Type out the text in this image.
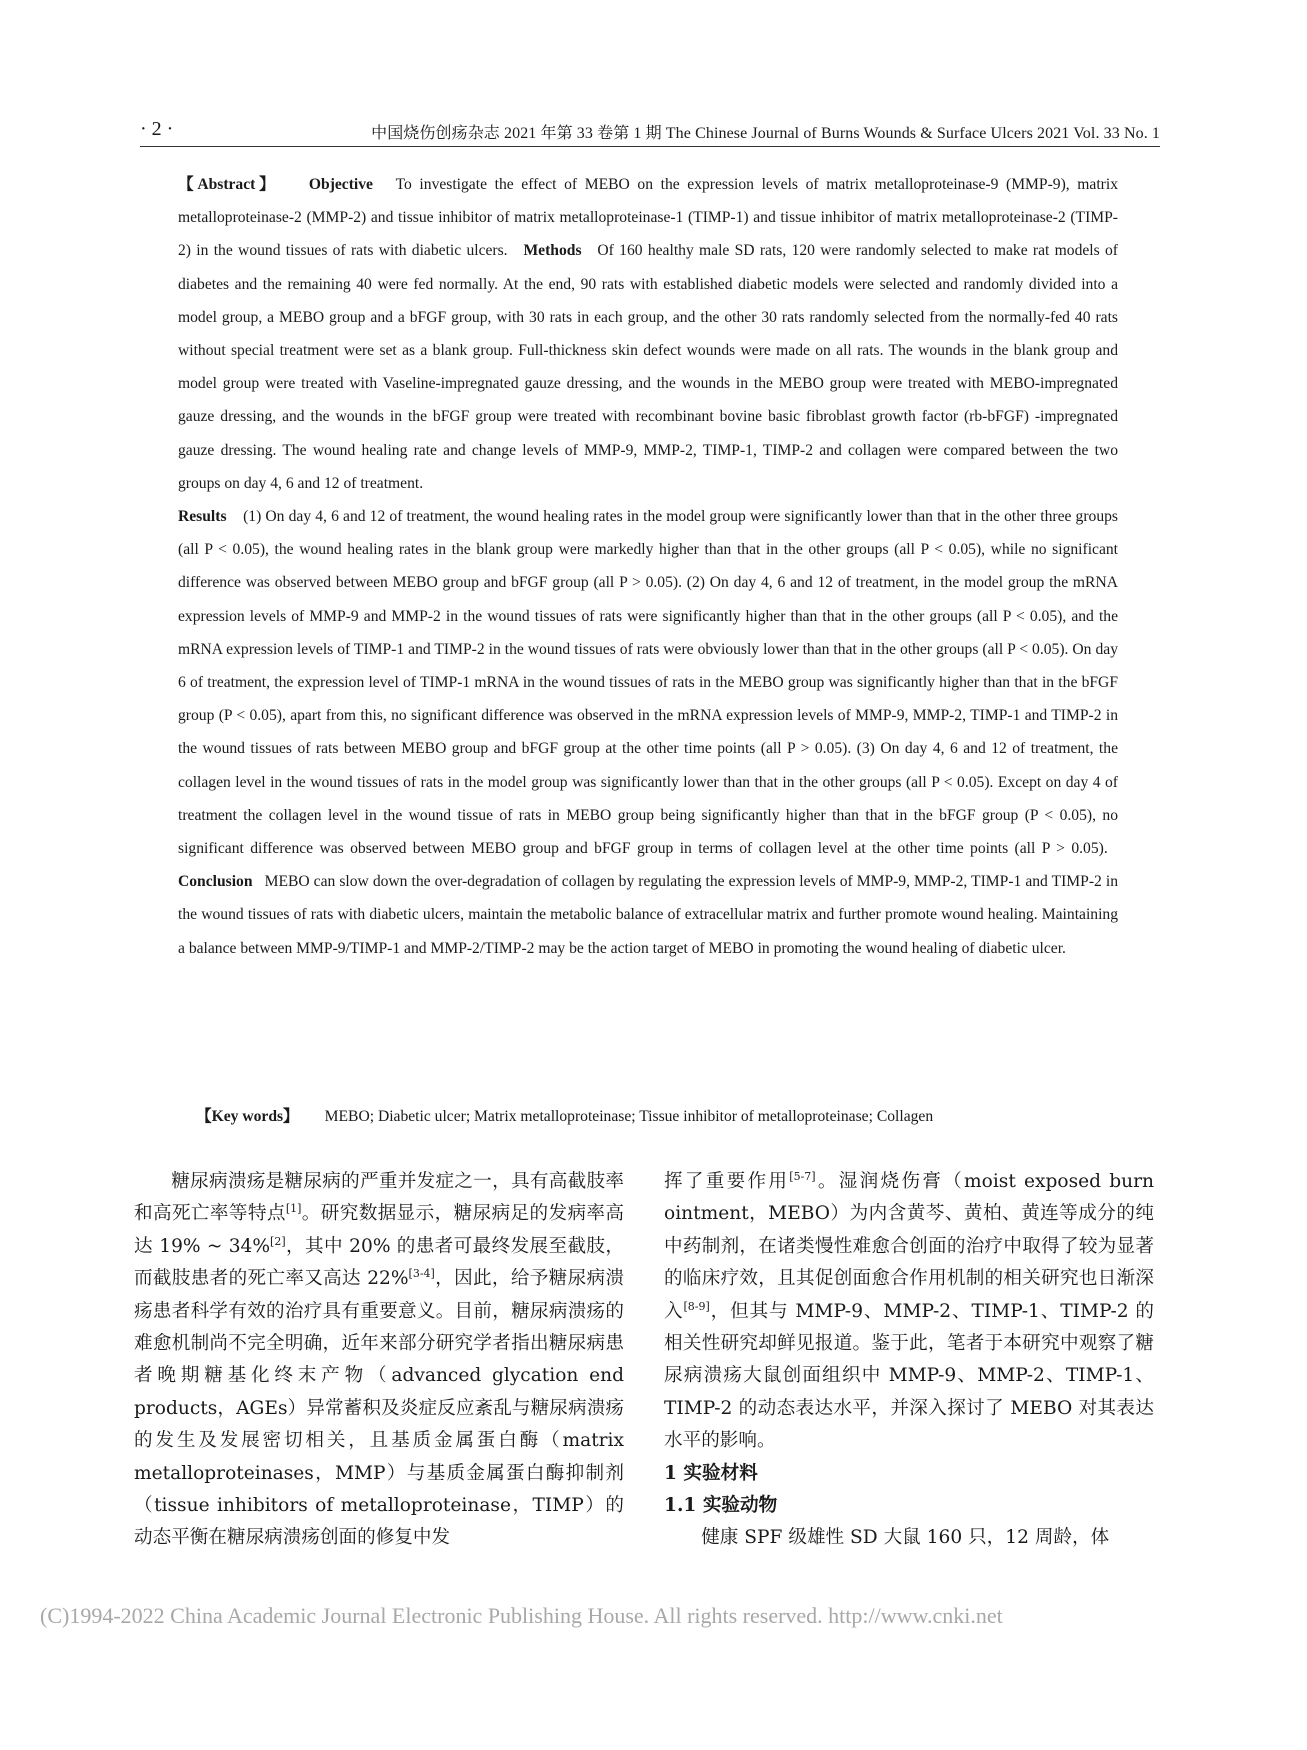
· 2 ·	中国烧伤创疡杂志 2021 年第 33 卷第 1 期 The Chinese Journal of Burns Wounds & Surface Ulcers 2021 Vol. 33 No. 1

【Abstract】 Objective To investigate the effect of MEBO on the expression levels of matrix metalloproteinase-9 (MMP-9), matrix metalloproteinase-2 (MMP-2) and tissue inhibitor of matrix metalloproteinase-1 (TIMP-1) and tissue inhibitor of matrix metalloproteinase-2 (TIMP-2) in the wound tissues of rats with diabetic ulcers. Methods Of 160 healthy male SD rats, 120 were randomly selected to make rat models of diabetes and the remaining 40 were fed normally. At the end, 90 rats with established diabetic models were selected and randomly divided into a model group, a MEBO group and a bFGF group, with 30 rats in each group, and the other 30 rats randomly selected from the normally-fed 40 rats without special treatment were set as a blank group. Full-thickness skin defect wounds were made on all rats. The wounds in the blank group and model group were treated with Vaseline-impregnated gauze dressing, and the wounds in the MEBO group were treated with MEBO-impregnated gauze dressing, and the wounds in the bFGF group were treated with recombinant bovine basic fibroblast growth factor (rb-bFGF) -impregnated gauze dressing. The wound healing rate and change levels of MMP-9, MMP-2, TIMP-1, TIMP-2 and collagen were compared between the two groups on day 4, 6 and 12 of treatment.
Results (1) On day 4, 6 and 12 of treatment, the wound healing rates in the model group were significantly lower than that in the other three groups (all P < 0.05), the wound healing rates in the blank group were markedly higher than that in the other groups (all P < 0.05), while no significant difference was observed between MEBO group and bFGF group (all P > 0.05). (2) On day 4, 6 and 12 of treatment, in the model group the mRNA expression levels of MMP-9 and MMP-2 in the wound tissues of rats were significantly higher than that in the other groups (all P < 0.05), and the mRNA expression levels of TIMP-1 and TIMP-2 in the wound tissues of rats were obviously lower than that in the other groups (all P < 0.05). On day 6 of treatment, the expression level of TIMP-1 mRNA in the wound tissues of rats in the MEBO group was significantly higher than that in the bFGF group (P < 0.05), apart from this, no significant difference was observed in the mRNA expression levels of MMP-9, MMP-2, TIMP-1 and TIMP-2 in the wound tissues of rats between MEBO group and bFGF group at the other time points (all P > 0.05). (3) On day 4, 6 and 12 of treatment, the collagen level in the wound tissues of rats in the model group was significantly lower than that in the other groups (all P < 0.05). Except on day 4 of treatment the collagen level in the wound tissue of rats in MEBO group being significantly higher than that in the bFGF group (P < 0.05), no significant difference was observed between MEBO group and bFGF group in terms of collagen level at the other time points (all P > 0.05).   Conclusion MEBO can slow down the over-degradation of collagen by regulating the expression levels of MMP-9, MMP-2, TIMP-1 and TIMP-2 in the wound tissues of rats with diabetic ulcers, maintain the metabolic balance of extracellular matrix and further promote wound healing. Maintaining a balance between MMP-9/TIMP-1 and MMP-2/TIMP-2 may be the action target of MEBO in promoting the wound healing of diabetic ulcer.

【Key words】 MEBO; Diabetic ulcer; Matrix metalloproteinase; Tissue inhibitor of metalloproteinase; Collagen

糖尿病溃疡是糖尿病的严重并发症之一，具有高截肢率和高死亡率等特点[1]。研究数据显示，糖尿病足的发病率高达 19% ~ 34%[2]，其中 20% 的患者可最终发展至截肢，而截肢患者的死亡率又高达 22%[3-4]，因此，给予糖尿病溃疡患者科学有效的治疗具有重要意义。目前，糖尿病溃疡的难愈机制尚不完全明确，近年来部分研究学者指出糖尿病患者晚期糖基化终末产物（advanced glycation end products，AGEs）异常蓄积及炎症反应紊乱与糖尿病溃疡的发生及发展密切相关，且基质金属蛋白酶（matrix metalloproteinases，MMP）与基质金属蛋白酶抑制剂（tissue inhibitors of metalloproteinase，TIMP）的动态平衡在糖尿病溃疡创面的修复中发

挥了重要作用[5-7]。湿润烧伤膏（moist exposed burn ointment，MEBO）为内含黄芩、黄柏、黄连等成分的纯中药制剂，在诸类慢性难愈合创面的治疗中取得了较为显著的临床疗效，且其促创面愈合作用机制的相关研究也日渐深入[8-9]，但其与 MMP-9、MMP-2、TIMP-1、TIMP-2 的相关性研究却鲜见报道。鉴于此，笔者于本研究中观察了糖尿病溃疡大鼠创面组织中 MMP-9、MMP-2、TIMP-1、TIMP-2 的动态表达水平，并深入探讨了 MEBO 对其表达水平的影响。

1 实验材料

1.1 实验动物

健康 SPF 级雄性 SD 大鼠 160 只，12 周龄，体

(C)1994-2022 China Academic Journal Electronic Publishing House. All rights reserved. http://www.cnki.net
